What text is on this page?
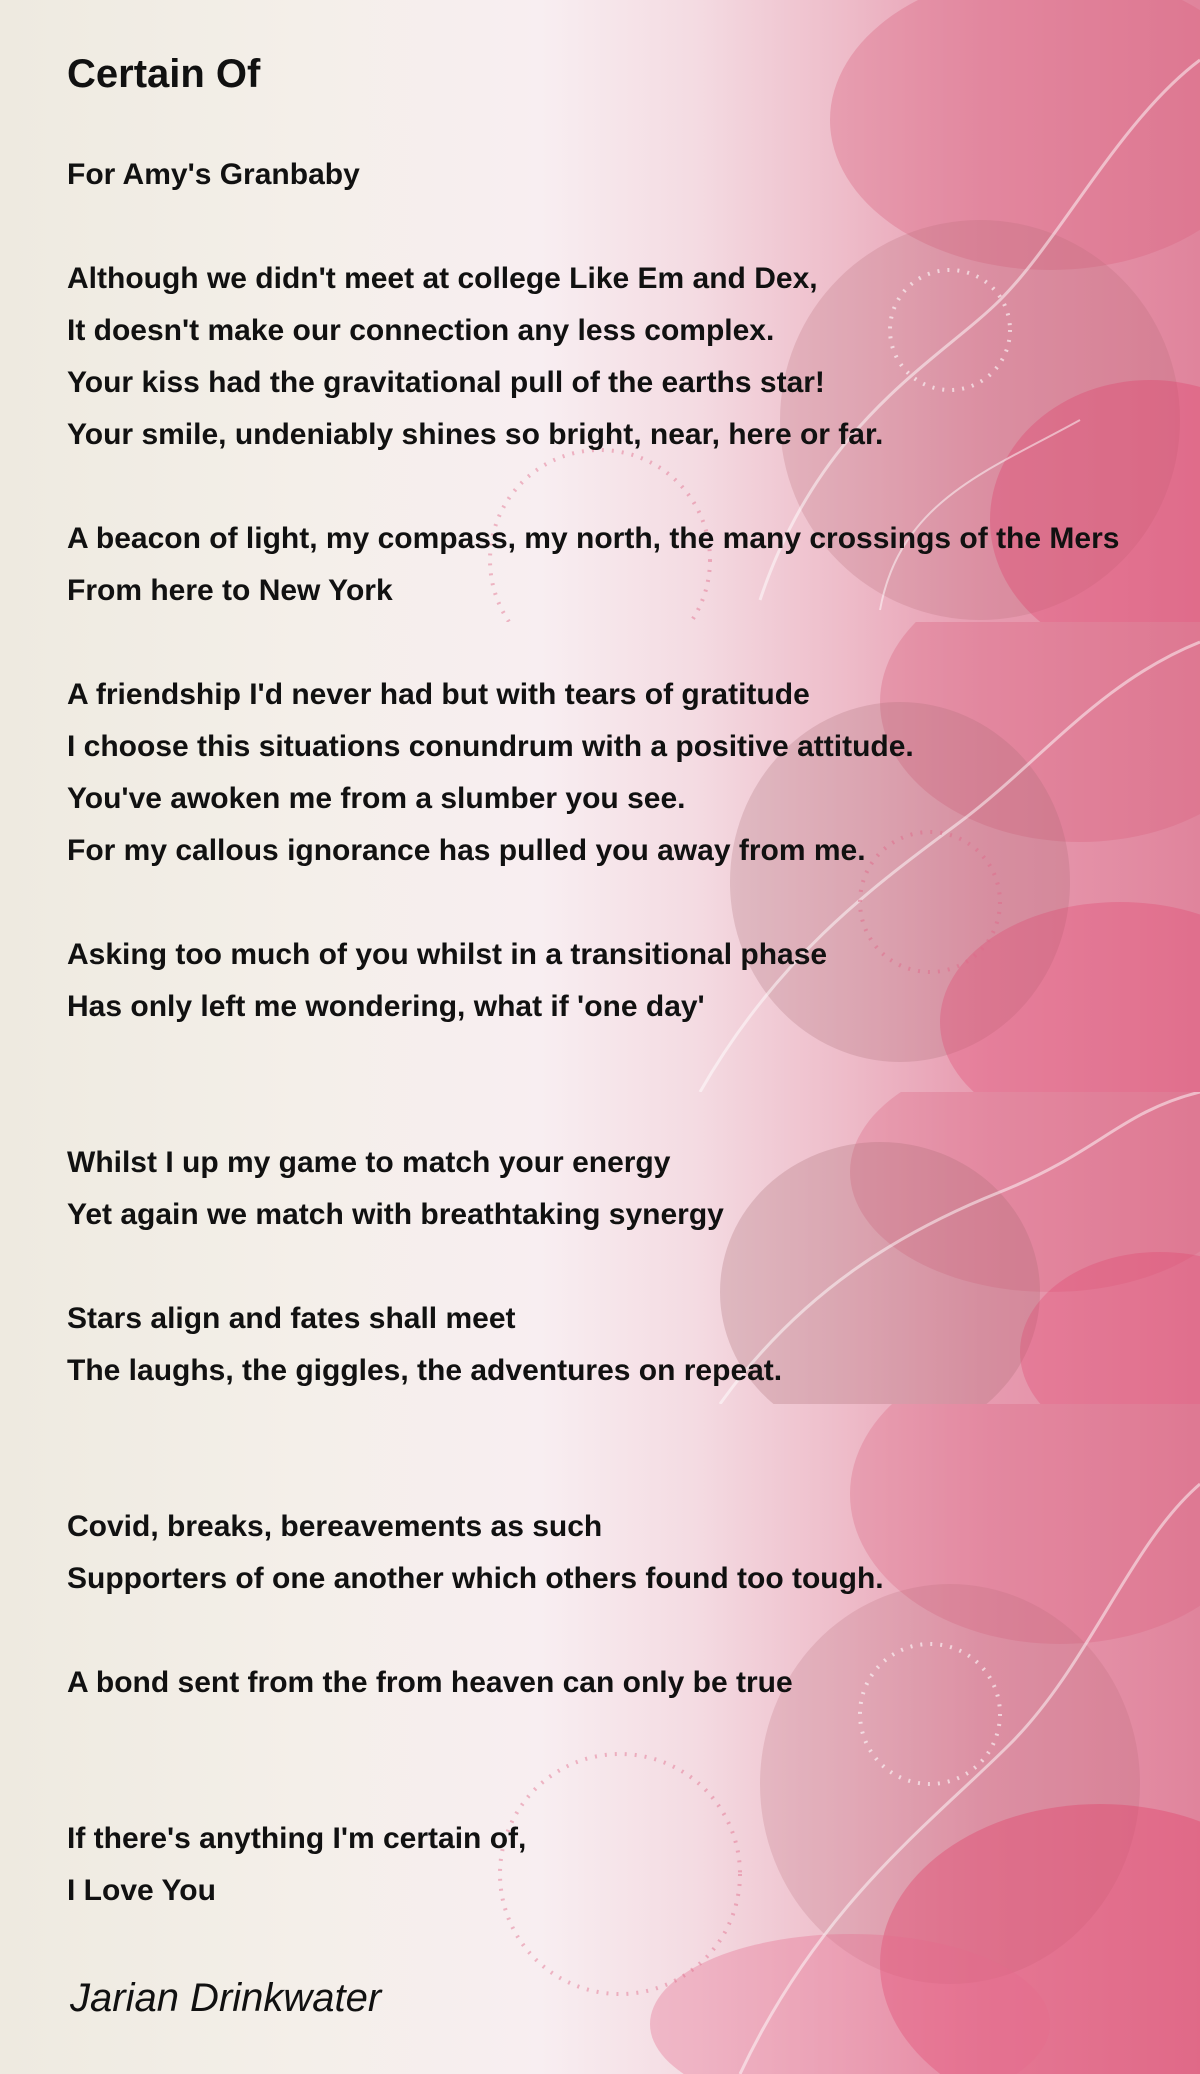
Certain Of

For Amy's Granbaby

Although we didn't meet at college Like Em and Dex,

It doesn't make our connection any less complex.

Your kiss had the gravitational pull of the earths star!

Your smile, undeniably shines so bright, near, here or far.

A beacon of light, my compass, my north, the many crossings of the Mers

From here to New York

A friendship I'd never had but with tears of gratitude

I choose this situations conundrum with a positive attitude.

You've awoken me from a slumber you see.

For my callous ignorance has pulled you away from me.

Asking too much of you whilst in a transitional phase

Has only left me wondering, what if 'one day'

Whilst I up my game to match your energy

Yet again we match with breathtaking synergy

Stars align and fates shall meet

The laughs, the giggles, the adventures on repeat.

Covid, breaks, bereavements as such

Supporters of one another which others found too tough.

A bond sent from the from heaven can only be true

If there's anything I'm certain of,

I Love You

Jarian Drinkwater
